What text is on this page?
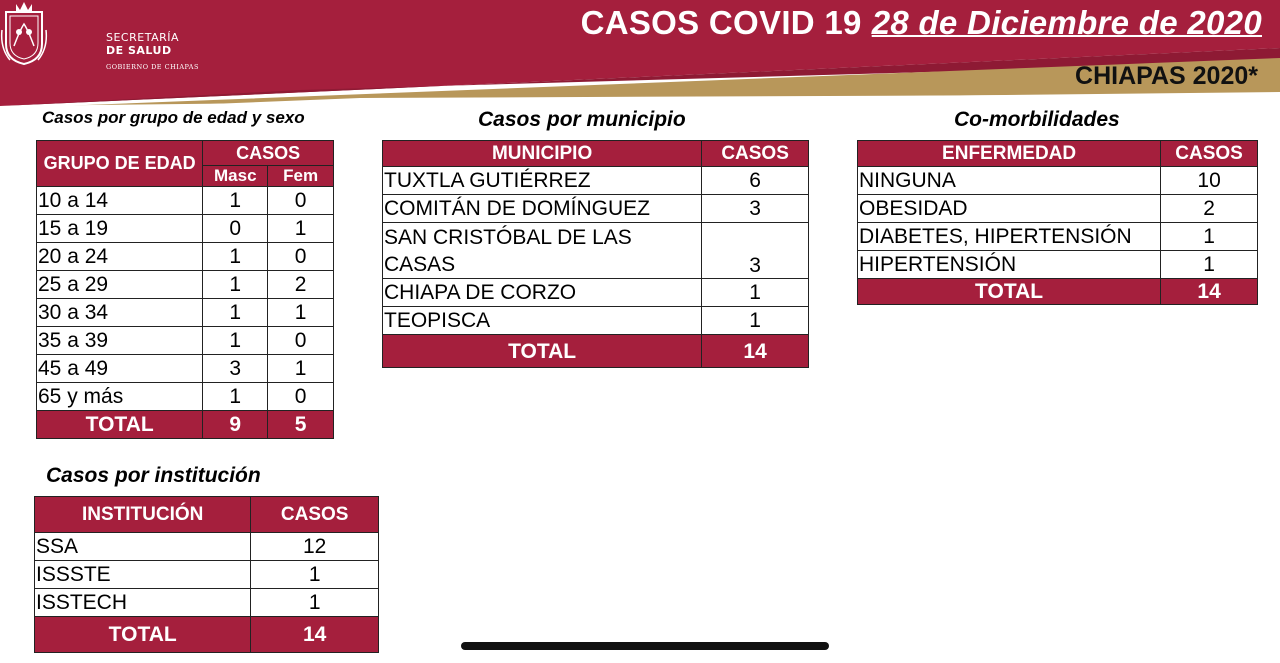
SECRETARÍA
DE SALUD
GOBIERNO DE CHIAPAS
CASOS COVID 19 28 de Diciembre de 2020
CHIAPAS 2020*
Casos por grupo de edad y sexo
GRUPO DE EDAD	CASOS	
	Masc	Fem
10 a 14	1	0
15 a 19	0	1
20 a 24	1	0
25 a 29	1	2
30 a 34	1	1
35 a 39	1	0
45 a 49	3	1
65 y más	1	0
TOTAL	9	5
Casos por municipio
MUNICIPIO	CASOS
TUXTLA GUTIÉRREZ	6
COMITÁN DE DOMÍNGUEZ	3
SAN CRISTÓBAL DE LAS CASAS	3
CHIAPA DE CORZO	1
TEOPISCA	1
TOTAL	14
Co-morbilidades
ENFERMEDAD	CASOS
NINGUNA	10
OBESIDAD	2
DIABETES, HIPERTENSIÓN	1
HIPERTENSIÓN	1
TOTAL	14
Casos por institución
INSTITUCIÓN	CASOS
SSA	12
ISSSTE	1
ISSTECH	1
TOTAL	14
